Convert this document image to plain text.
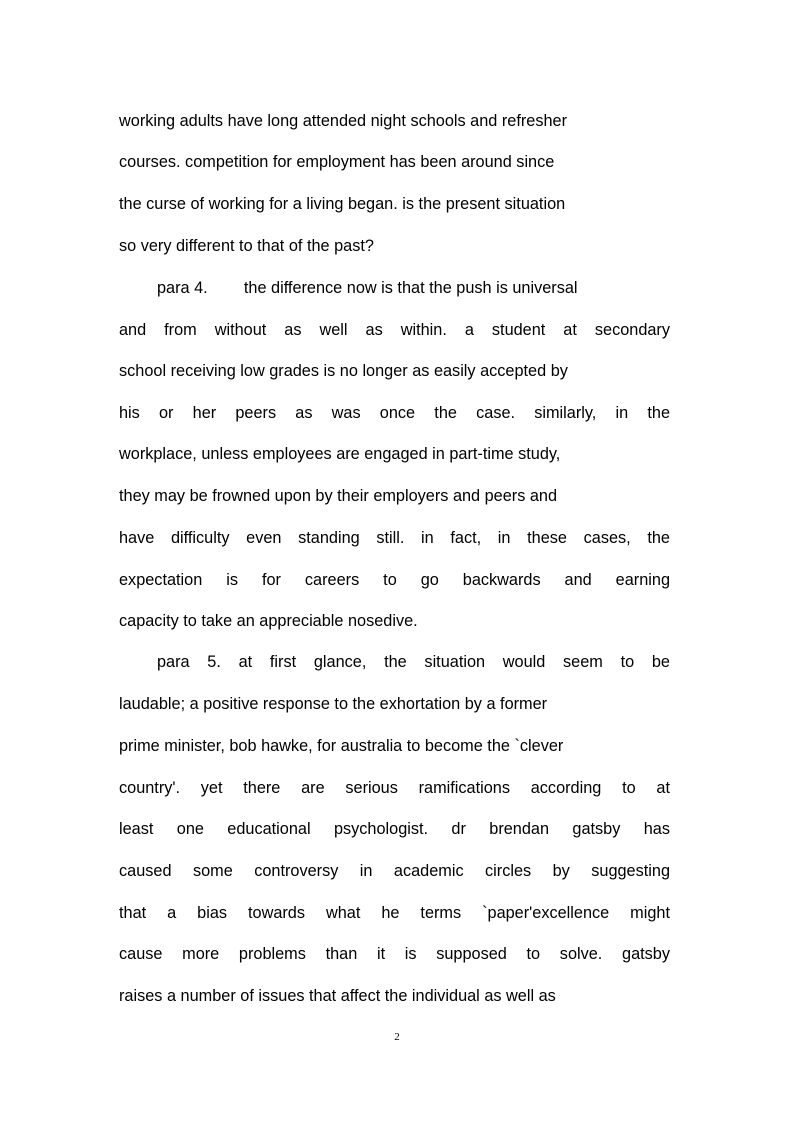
working adults have long attended night schools and refresher
courses. competition for employment has been around since
the curse of working for a living began. is the present situation
so very different to that of the past?
para 4.        the difference now is that the push is universal
and from without as well as within. a student at secondary
school receiving low grades is no longer as easily accepted by
his or her peers as was once the case. similarly, in the
workplace, unless employees are engaged in part-time study,
they may be frowned upon by their employers and peers and
have difficulty even standing still. in fact, in these cases, the
expectation is for careers to go backwards and earning
capacity to take an appreciable nosedive.
para 5. at first glance, the situation would seem to be
laudable; a positive response to the exhortation by a former
prime minister, bob hawke, for australia to become the `clever
country'. yet there are serious ramifications according to at
least one educational psychologist. dr brendan gatsby has
caused some controversy in academic circles by suggesting
that a bias towards what he terms `paper'excellence might
cause more problems than it is supposed to solve. gatsby
raises a number of issues that affect the individual as well as
2
